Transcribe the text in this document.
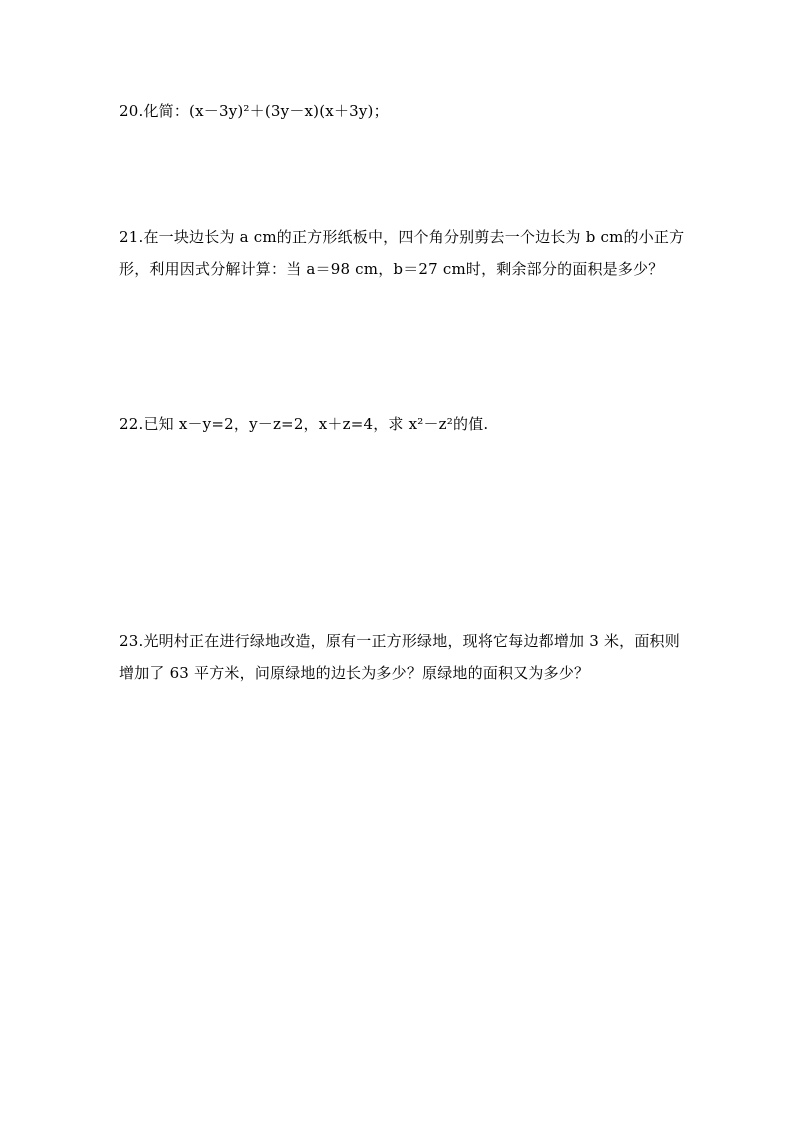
20.化简：(x－3y)²＋(3y－x)(x＋3y)；
21.在一块边长为 a cm的正方形纸板中，四个角分别剪去一个边长为 b cm的小正方
形，利用因式分解计算：当 a＝98 cm，b＝27 cm时，剩余部分的面积是多少？
22.已知 x－y=2，y－z=2，x＋z=4，求 x²－z²的值.
23.光明村正在进行绿地改造，原有一正方形绿地，现将它每边都增加 3 米，面积则
增加了 63 平方米，问原绿地的边长为多少？原绿地的面积又为多少？
